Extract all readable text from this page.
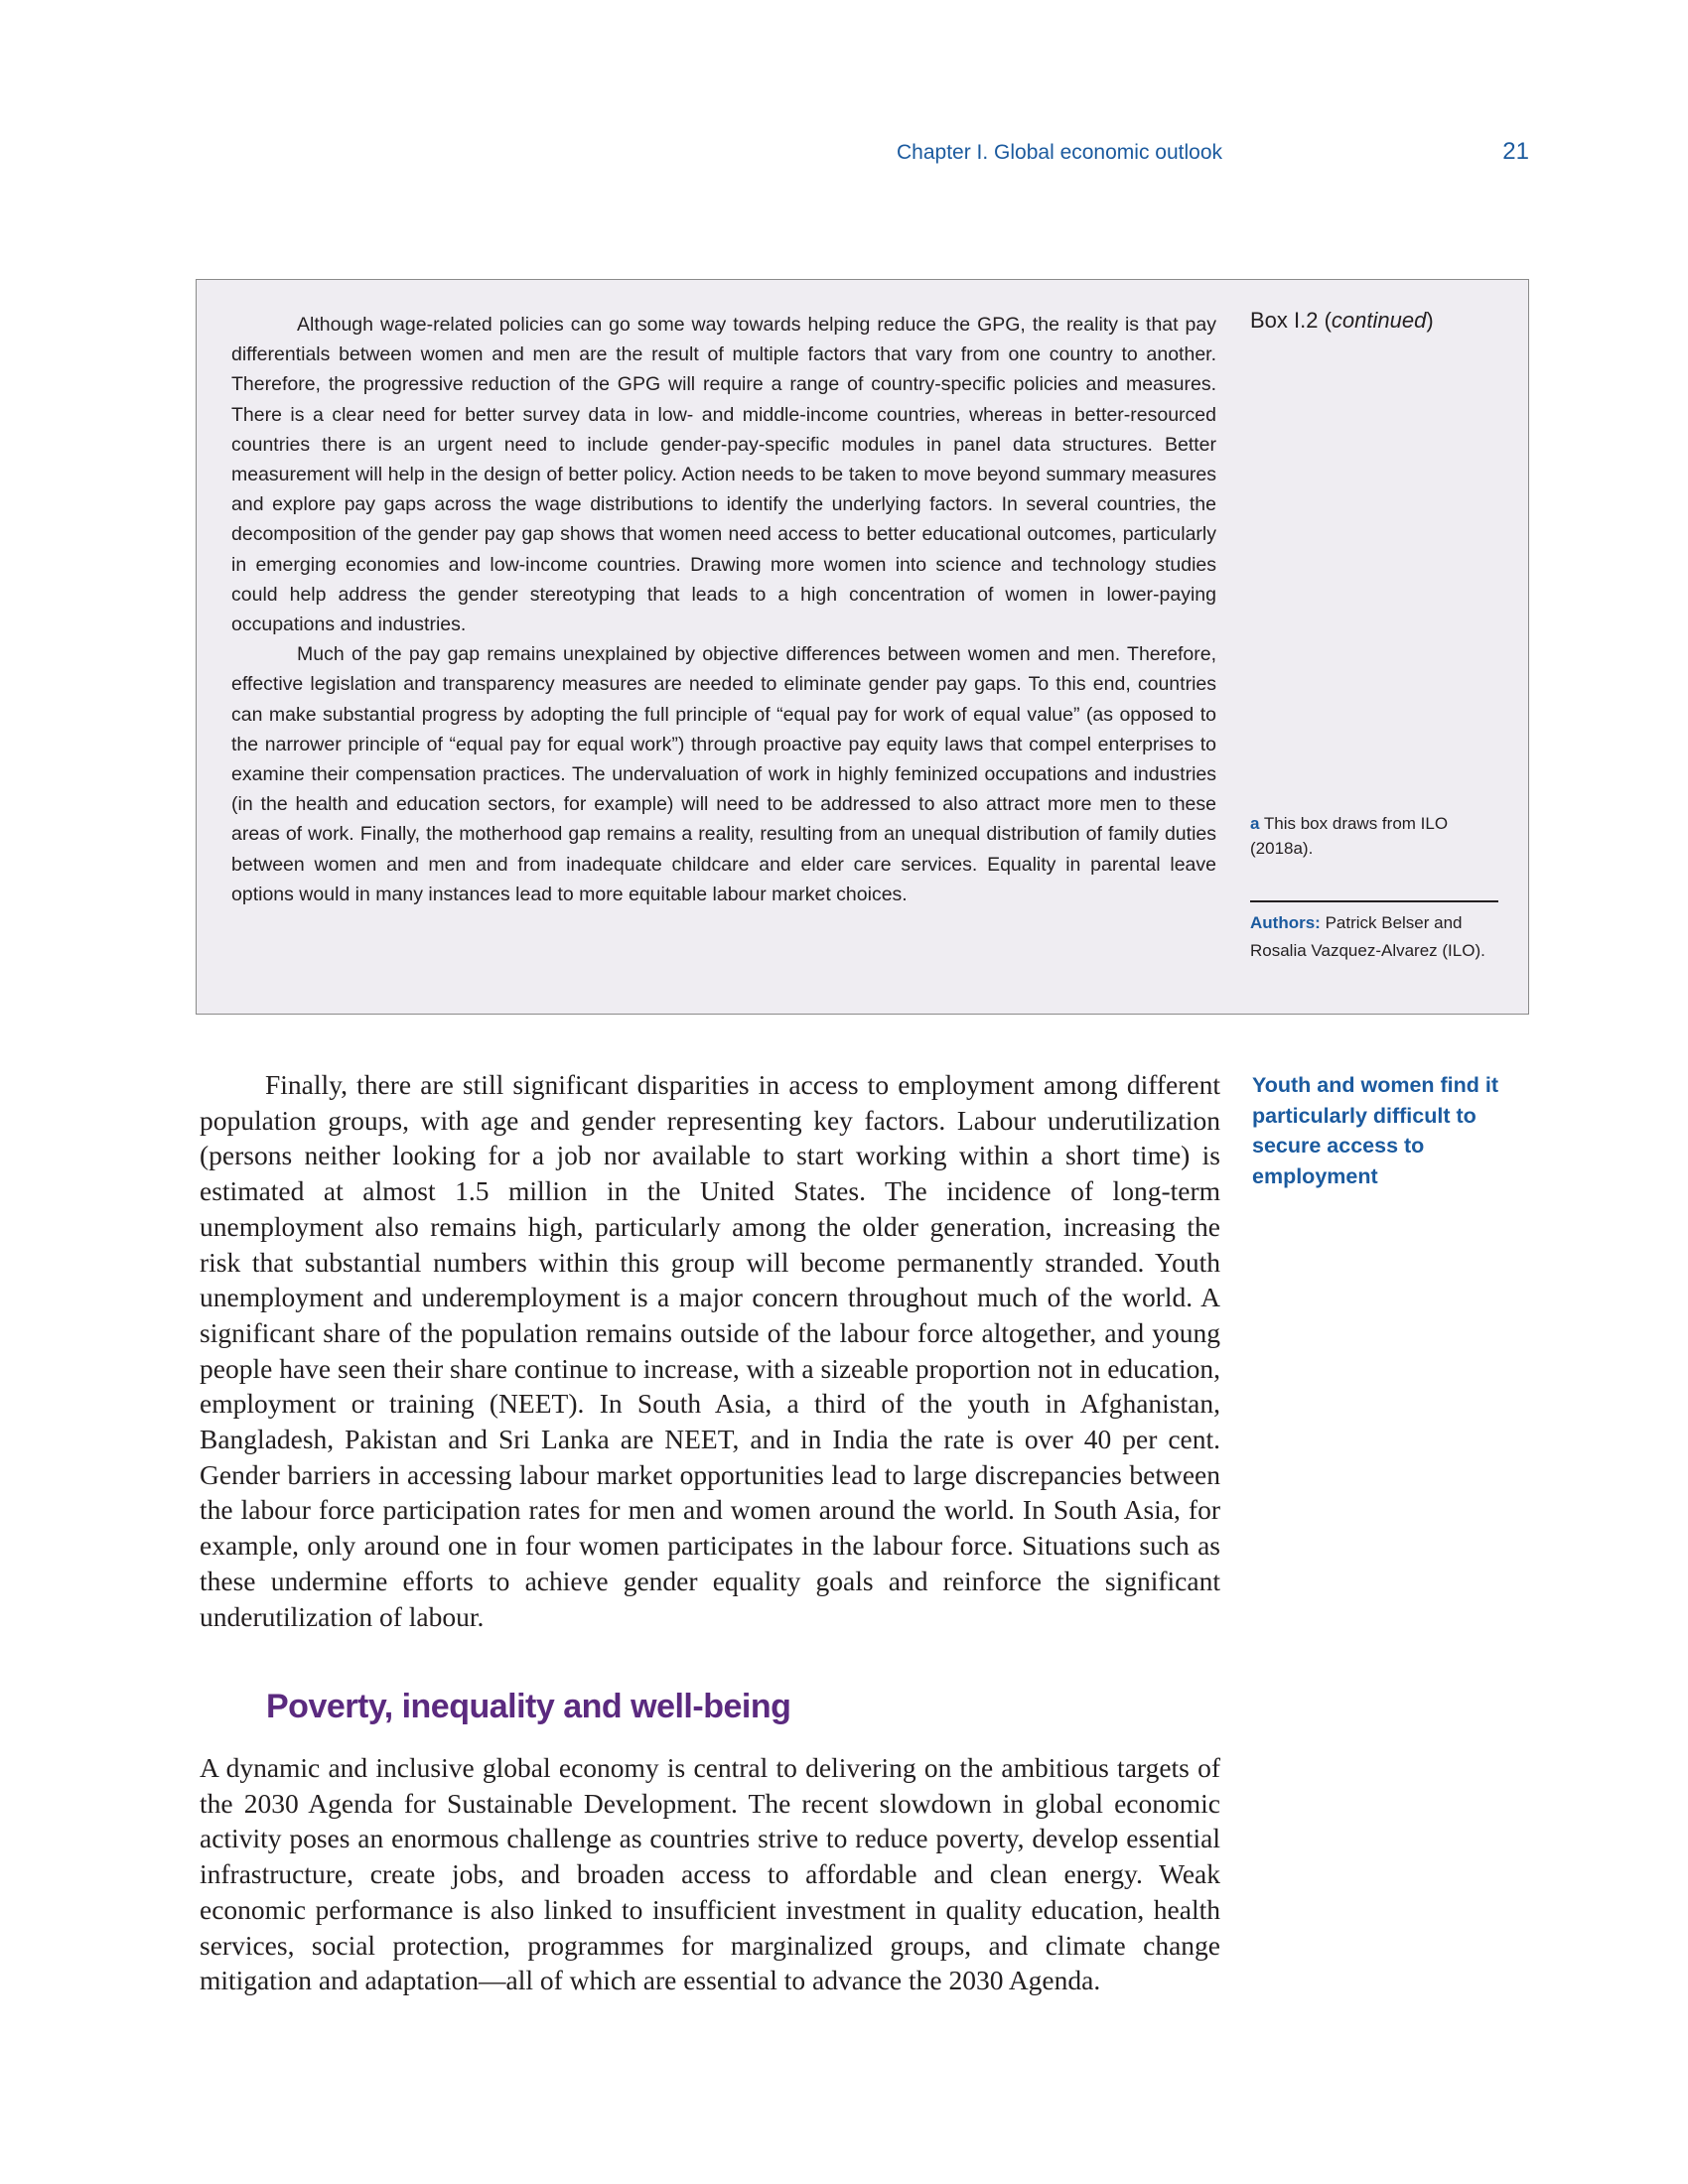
Chapter I. Global economic outlook	21

Although wage-related policies can go some way towards helping reduce the GPG, the reality is that pay differentials between women and men are the result of multiple factors that vary from one country to another. Therefore, the progressive reduction of the GPG will require a range of country-specific policies and measures. There is a clear need for better survey data in low- and middle-income countries, whereas in better-resourced countries there is an urgent need to include gender-pay-specific modules in panel data structures. Better measurement will help in the design of better policy. Action needs to be taken to move beyond summary measures and explore pay gaps across the wage distributions to identify the underlying factors. In several countries, the decomposition of the gender pay gap shows that women need access to better educational outcomes, particularly in emerging economies and low-income countries. Drawing more women into science and technology studies could help address the gender stereotyping that leads to a high concentration of women in lower-paying occupations and industries.

Much of the pay gap remains unexplained by objective differences between women and men. Therefore, effective legislation and transparency measures are needed to eliminate gender pay gaps. To this end, countries can make substantial progress by adopting the full principle of “equal pay for work of equal value” (as opposed to the narrower principle of “equal pay for equal work”) through proactive pay equity laws that compel enterprises to examine their compensation practices. The undervaluation of work in highly feminized occupations and industries (in the health and education sectors, for example) will need to be addressed to also attract more men to these areas of work. Finally, the motherhood gap remains a reality, resulting from an unequal distribution of family duties between women and men and from inadequate childcare and elder care services. Equality in parental leave options would in many instances lead to more equitable labour market choices.

Box I.2 (continued)
a This box draws from ILO (2018a).
Authors: Patrick Belser and Rosalia Vazquez-Alvarez (ILO).

Finally, there are still significant disparities in access to employment among different population groups, with age and gender representing key factors. Labour underutilization (persons neither looking for a job nor available to start working within a short time) is estimated at almost 1.5 million in the United States. The incidence of long-term unemployment also remains high, particularly among the older generation, increasing the risk that substantial numbers within this group will become permanently stranded. Youth unemployment and underemployment is a major concern throughout much of the world. A significant share of the population remains outside of the labour force altogether, and young people have seen their share continue to increase, with a sizeable proportion not in education, employment or training (NEET). In South Asia, a third of the youth in Afghanistan, Bangladesh, Pakistan and Sri Lanka are NEET, and in India the rate is over 40 per cent. Gender barriers in accessing labour market opportunities lead to large discrepancies between the labour force participation rates for men and women around the world. In South Asia, for example, only around one in four women participates in the labour force. Situations such as these undermine efforts to achieve gender equality goals and reinforce the significant underutilization of labour.

Youth and women find it particularly difficult to secure access to employment
Poverty, inequality and well-being

A dynamic and inclusive global economy is central to delivering on the ambitious targets of the 2030 Agenda for Sustainable Development. The recent slowdown in global economic activity poses an enormous challenge as countries strive to reduce poverty, develop essential infrastructure, create jobs, and broaden access to affordable and clean energy. Weak economic performance is also linked to insufficient investment in quality education, health services, social protection, programmes for marginalized groups, and climate change mitigation and adaptation—all of which are essential to advance the 2030 Agenda.
